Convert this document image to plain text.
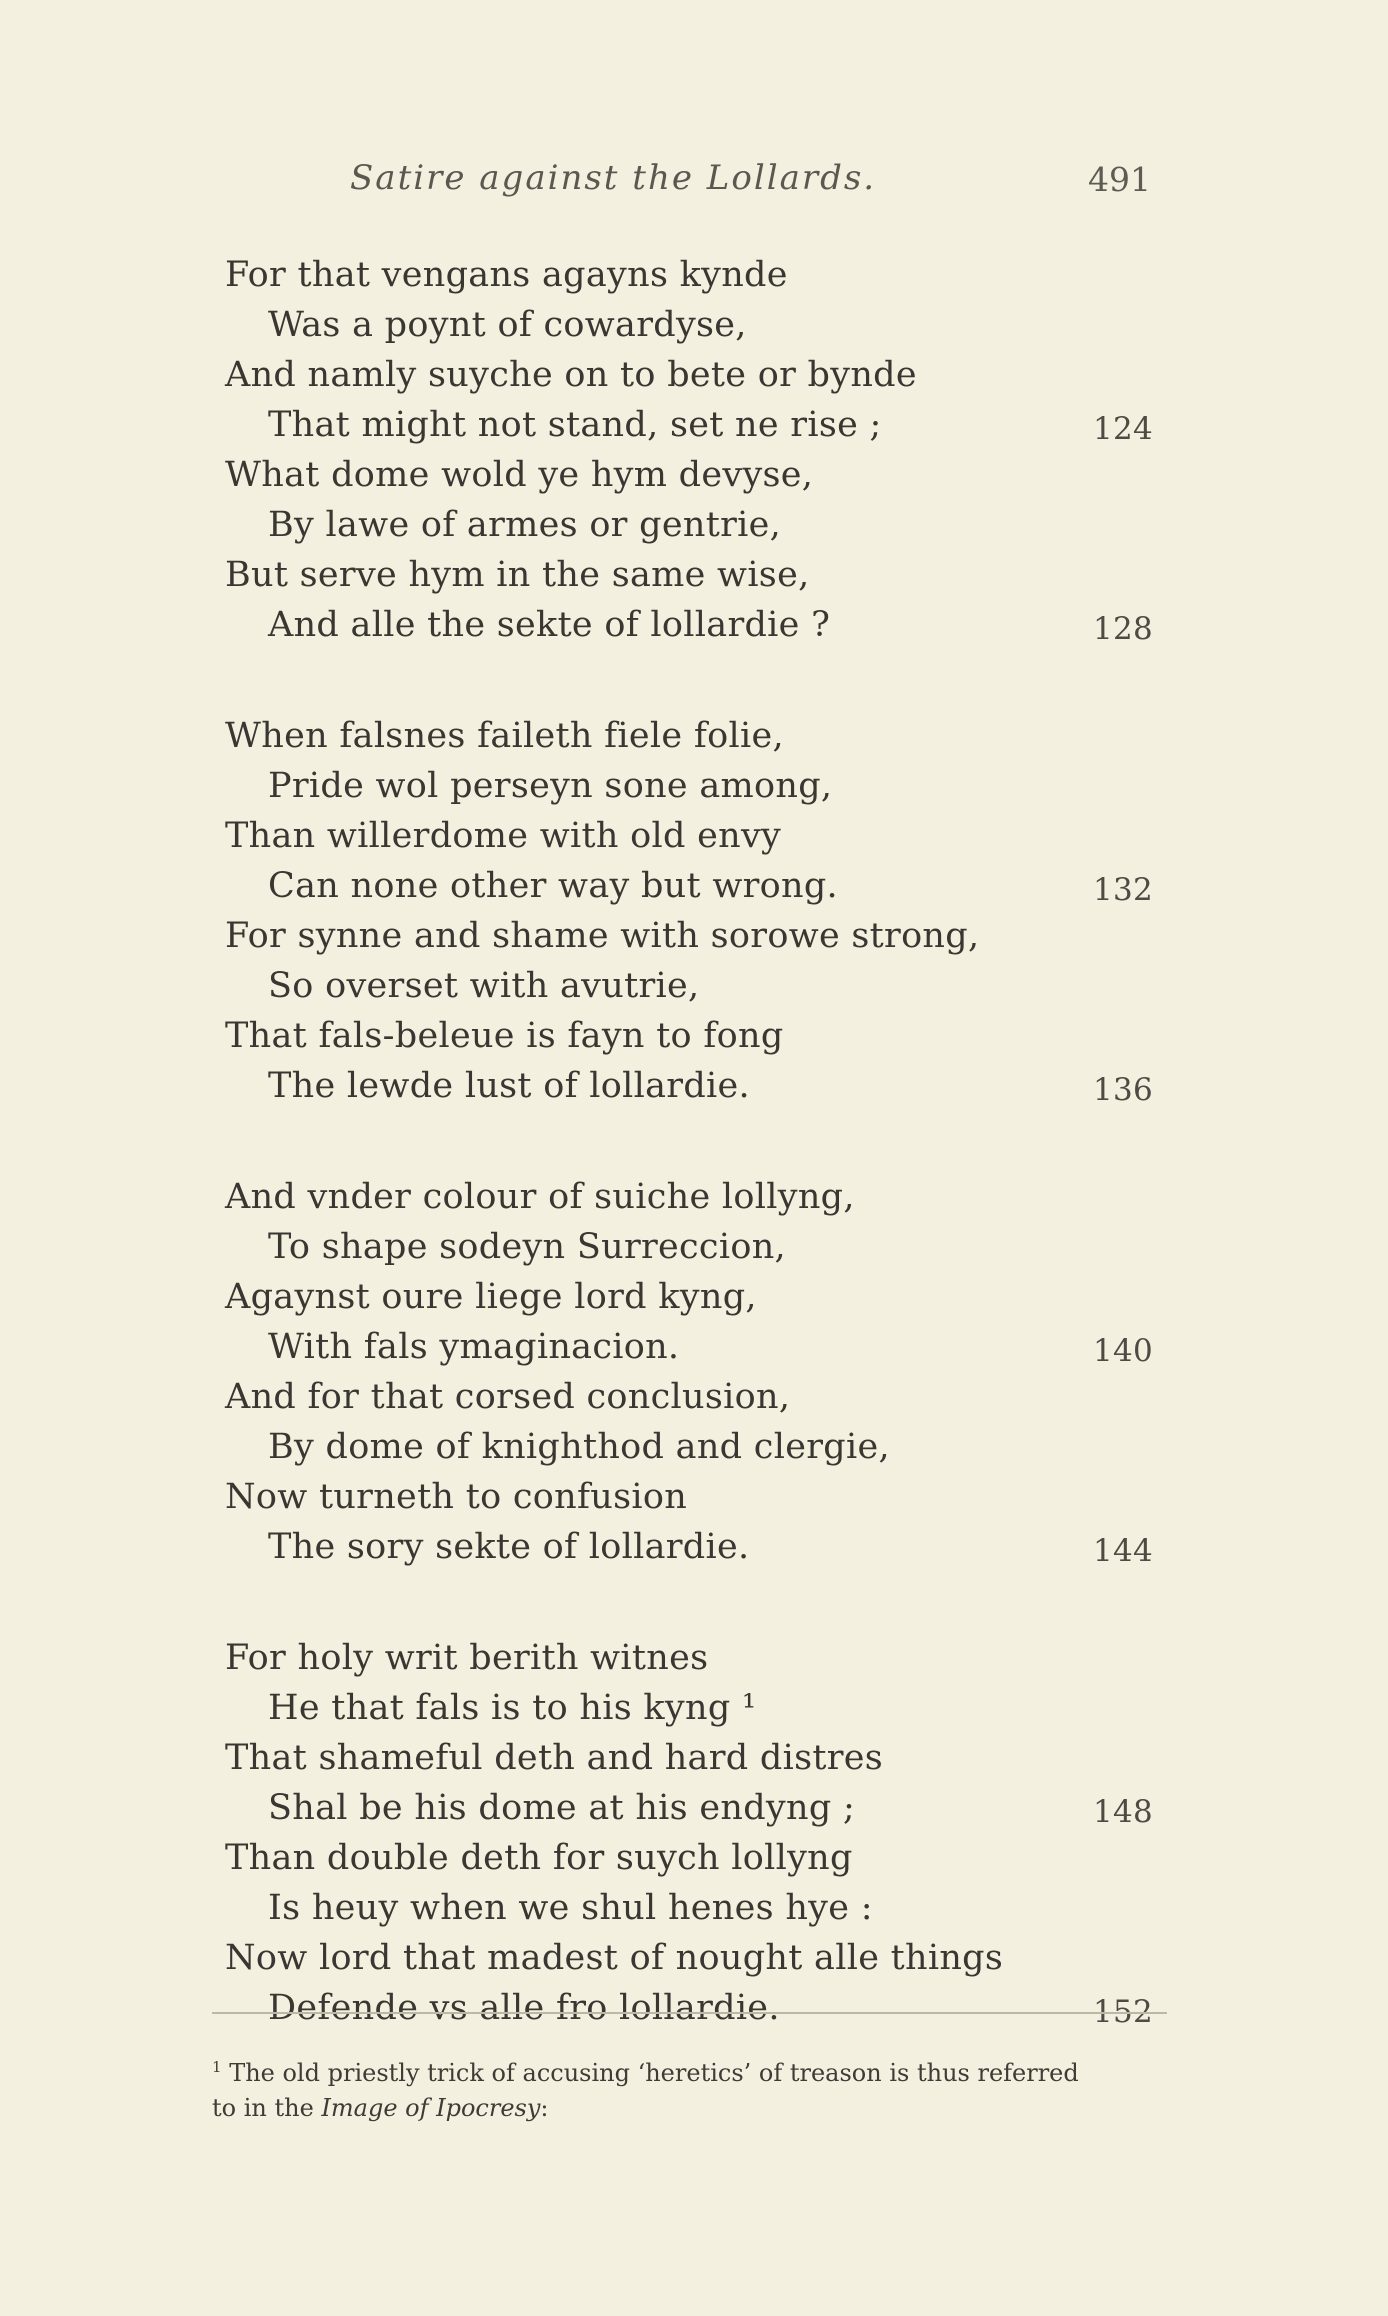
Satire against the Lollards.	491
For that vengans agayns kynde
Was a poynt of cowardyse,
And namly suyche on to bete or bynde
That might not stand, set ne rise ;	124
What dome wold ye hym devyse,
By lawe of armes or gentrie,
But serve hym in the same wise,
And alle the sekte of lollardie ?	128
When falsnes faileth fiele folie,
Pride wol perseyn sone among,
Than willerdome with old envy
Can none other way but wrong.	132
For synne and shame with sorowe strong,
So overset with avutrie,
That fals-beleue is fayn to fong
The lewde lust of lollardie.	136
And vnder colour of suiche lollyng,
To shape sodeyn Surreccion,
Agaynst oure liege lord kyng,
With fals ymaginacion.	140
And for that corsed conclusion,
By dome of knighthod and clergie,
Now turneth to confusion
The sory sekte of lollardie.	144
For holy writ berith witnes
He that fals is to his kyng ¹
That shameful deth and hard distres
Shal be his dome at his endyng ;	148
Than double deth for suych lollyng
Is heuy when we shul henes hye :
Now lord that madest of nought alle things
Defende vs alle fro lollardie.	152
$^1$ The old priestly trick of accusing ‘heretics’ of treason is thus referred
to in the Image of Ipocresy:
